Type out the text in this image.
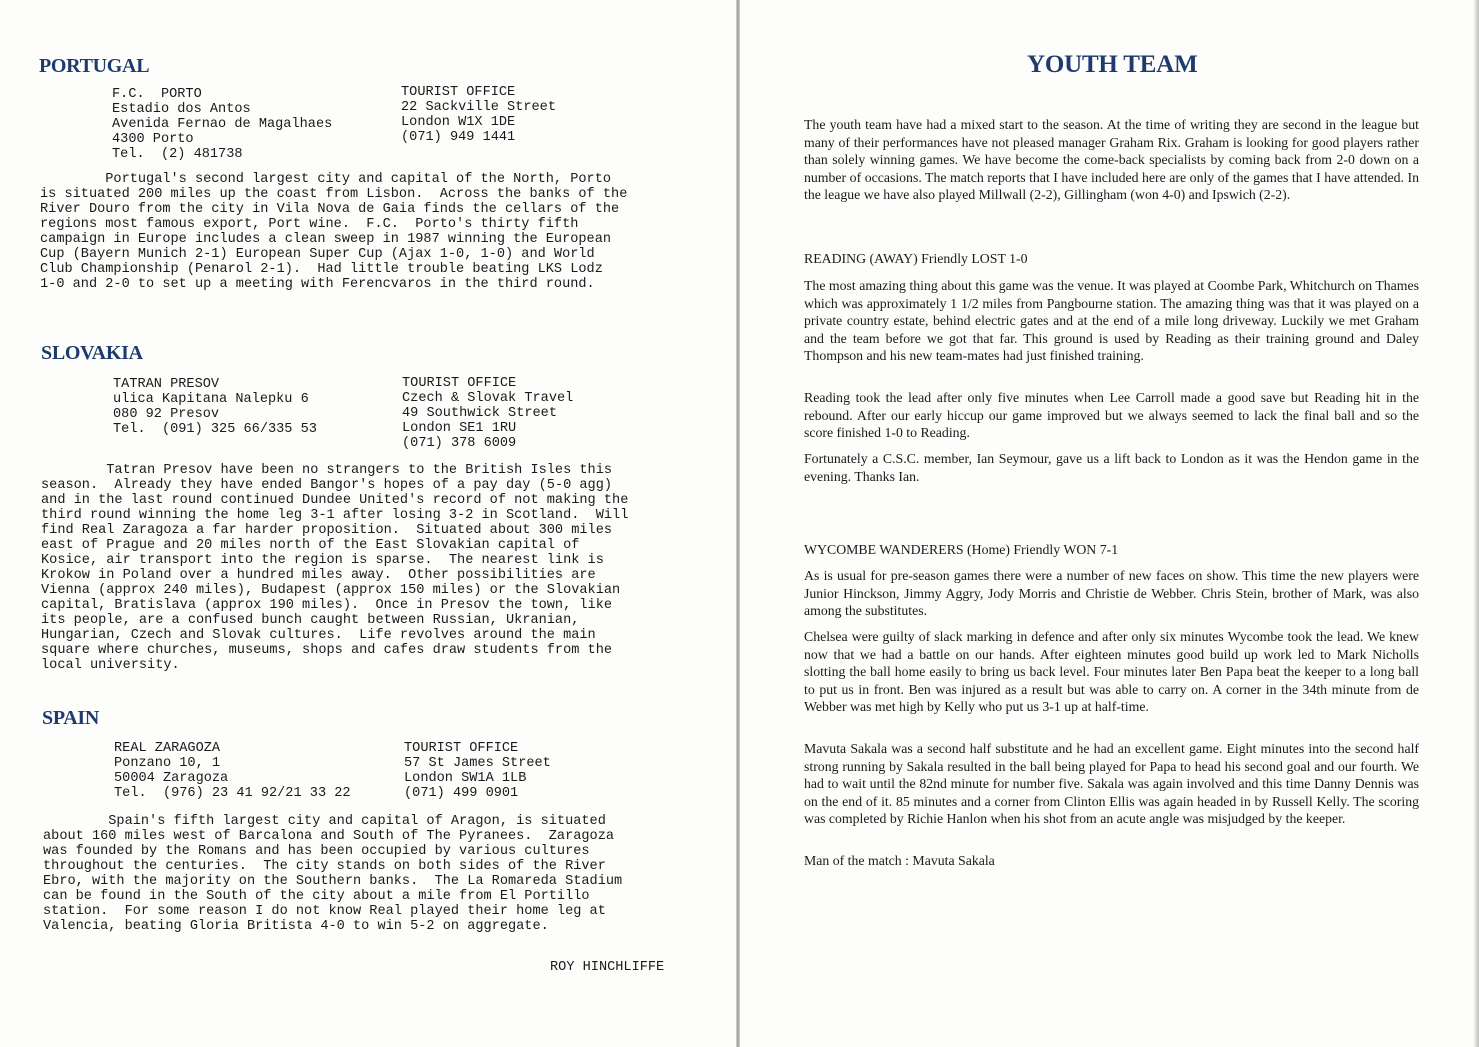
PORTUGAL
F.C.  PORTO
Estadio dos Antos
Avenida Fernao de Magalhaes
4300 Porto
Tel.  (2) 481738
TOURIST OFFICE
22 Sackville Street
London W1X 1DE
(071) 949 1441
Portugal's second largest city and capital of the North, Porto
is situated 200 miles up the coast from Lisbon.  Across the banks of the
River Douro from the city in Vila Nova de Gaia finds the cellars of the
regions most famous export, Port wine.  F.C.  Porto's thirty fifth
campaign in Europe includes a clean sweep in 1987 winning the European
Cup (Bayern Munich 2-1) European Super Cup (Ajax 1-0, 1-0) and World
Club Championship (Penarol 2-1).  Had little trouble beating LKS Lodz
1-0 and 2-0 to set up a meeting with Ferencvaros in the third round.
SLOVAKIA
TATRAN PRESOV
ulica Kapitana Nalepku 6
080 92 Presov
Tel.  (091) 325 66/335 53
TOURIST OFFICE
Czech & Slovak Travel
49 Southwick Street
London SE1 1RU
(071) 378 6009
Tatran Presov have been no strangers to the British Isles this
season.  Already they have ended Bangor's hopes of a pay day (5-0 agg)
and in the last round continued Dundee United's record of not making the
third round winning the home leg 3-1 after losing 3-2 in Scotland.  Will
find Real Zaragoza a far harder proposition.  Situated about 300 miles
east of Prague and 20 miles north of the East Slovakian capital of
Kosice, air transport into the region is sparse.  The nearest link is
Krokow in Poland over a hundred miles away.  Other possibilities are
Vienna (approx 240 miles), Budapest (approx 150 miles) or the Slovakian
capital, Bratislava (approx 190 miles).  Once in Presov the town, like
its people, are a confused bunch caught between Russian, Ukranian,
Hungarian, Czech and Slovak cultures.  Life revolves around the main
square where churches, museums, shops and cafes draw students from the
local university.
SPAIN
REAL ZARAGOZA
Ponzano 10, 1
50004 Zaragoza
Tel.  (976) 23 41 92/21 33 22
TOURIST OFFICE
57 St James Street
London SW1A 1LB
(071) 499 0901
Spain's fifth largest city and capital of Aragon, is situated
about 160 miles west of Barcalona and South of The Pyranees.  Zaragoza
was founded by the Romans and has been occupied by various cultures
throughout the centuries.  The city stands on both sides of the River
Ebro, with the majority on the Southern banks.  The La Romareda Stadium
can be found in the South of the city about a mile from El Portillo
station.  For some reason I do not know Real played their home leg at
Valencia, beating Gloria Britista 4-0 to win 5-2 on aggregate.
ROY HINCHLIFFE
YOUTH TEAM
The youth team have had a mixed start to the season. At the time of writing they are second in the league but many of their performances have not pleased manager Graham Rix. Graham is looking for good players rather than solely winning games. We have become the come-back specialists by coming back from 2-0 down on a number of occasions. The match reports that I have included here are only of the games that I have attended. In the league we have also played Millwall (2-2), Gillingham (won 4-0) and Ipswich (2-2).
READING (AWAY) Friendly LOST 1-0
The most amazing thing about this game was the venue. It was played at Coombe Park, Whitchurch on Thames which was approximately 1 1/2 miles from Pangbourne station. The amazing thing was that it was played on a private country estate, behind electric gates and at the end of a mile long driveway. Luckily we met Graham and the team before we got that far. This ground is used by Reading as their training ground and Daley Thompson and his new team-mates had just finished training.
Reading took the lead after only five minutes when Lee Carroll made a good save but Reading hit in the rebound. After our early hiccup our game improved but we always seemed to lack the final ball and so the score finished 1-0 to Reading.
Fortunately a C.S.C. member, Ian Seymour, gave us a lift back to London as it was the Hendon game in the evening. Thanks Ian.
WYCOMBE WANDERERS (Home) Friendly WON 7-1
As is usual for pre-season games there were a number of new faces on show. This time the new players were Junior Hinckson, Jimmy Aggry, Jody Morris and Christie de Webber. Chris Stein, brother of Mark, was also among the substitutes.
Chelsea were guilty of slack marking in defence and after only six minutes Wycombe took the lead. We knew now that we had a battle on our hands. After eighteen minutes good build up work led to Mark Nicholls slotting the ball home easily to bring us back level. Four minutes later Ben Papa beat the keeper to a long ball to put us in front. Ben was injured as a result but was able to carry on. A corner in the 34th minute from de Webber was met high by Kelly who put us 3-1 up at half-time.
Mavuta Sakala was a second half substitute and he had an excellent game. Eight minutes into the second half strong running by Sakala resulted in the ball being played for Papa to head his second goal and our fourth. We had to wait until the 82nd minute for number five. Sakala was again involved and this time Danny Dennis was on the end of it. 85 minutes and a corner from Clinton Ellis was again headed in by Russell Kelly. The scoring was completed by Richie Hanlon when his shot from an acute angle was misjudged by the keeper.
Man of the match : Mavuta Sakala
